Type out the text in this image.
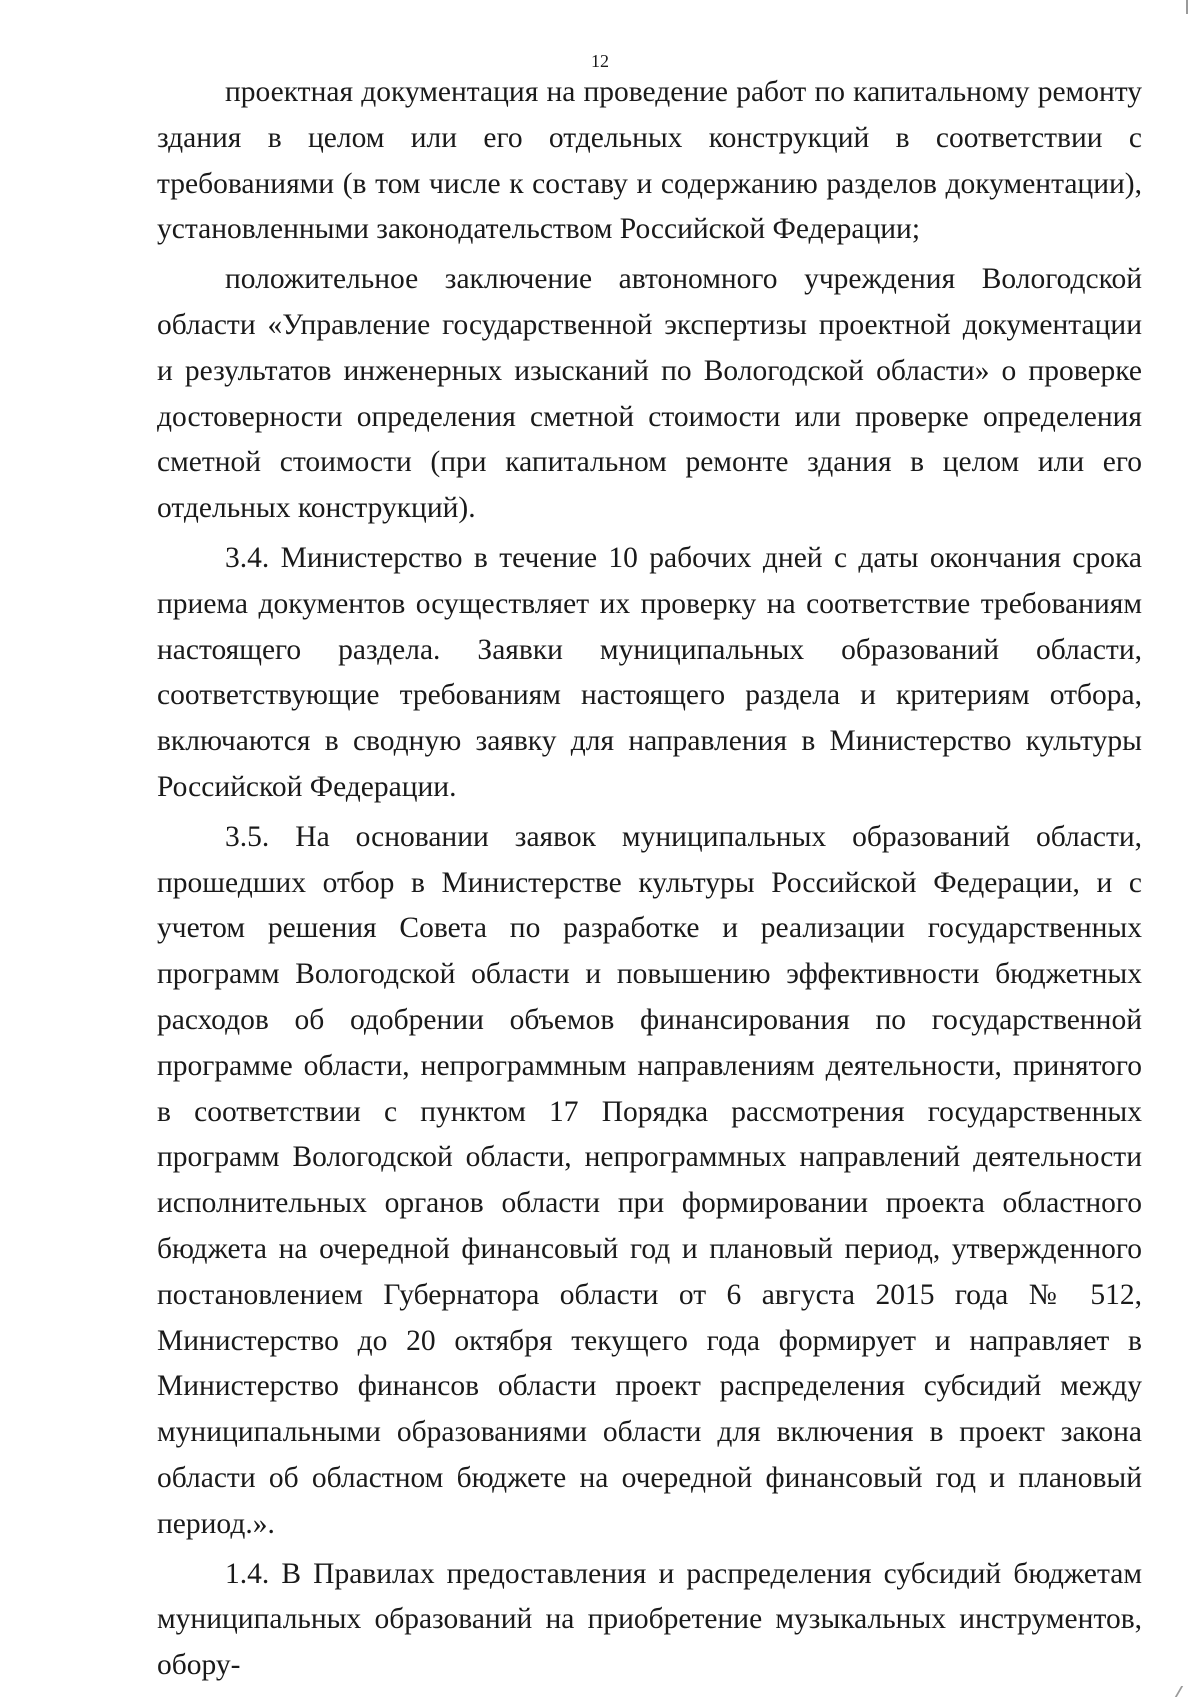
12

проектная документация на проведение работ по капитальному ремонту здания в целом или его отдельных конструкций в соответствии с требованиями (в том числе к составу и содержанию разделов документации), установленными законодательством Российской Федерации;

положительное заключение автономного учреждения Вологодской области «Управление государственной экспертизы проектной документации и результатов инженерных изысканий по Вологодской области» о проверке достоверности определения сметной стоимости или проверке определения сметной стоимости (при капитальном ремонте здания в целом или его отдельных конструкций).

3.4. Министерство в течение 10 рабочих дней с даты окончания срока приема документов осуществляет их проверку на соответствие требованиям настоящего раздела. Заявки муниципальных образований области, соответствующие требованиям настоящего раздела и критериям отбора, включаются в сводную заявку для направления в Министерство культуры Российской Федерации.

3.5. На основании заявок муниципальных образований области, прошедших отбор в Министерстве культуры Российской Федерации, и с учетом решения Совета по разработке и реализации государственных программ Вологодской области и повышению эффективности бюджетных расходов об одобрении объемов финансирования по государственной программе области, непрограммным направлениям деятельности, принятого в соответствии с пунктом 17 Порядка рассмотрения государственных программ Вологодской области, непрограммных направлений деятельности исполнительных органов области при формировании проекта областного бюджета на очередной финансовый год и плановый период, утвержденного постановлением Губернатора области от 6 августа 2015 года № 512, Министерство до 20 октября текущего года формирует и направляет в Министерство финансов области проект распределения субсидий между муниципальными образованиями области для включения в проект закона области об областном бюджете на очередной финансовый год и плановый период.».

1.4. В Правилах предоставления и распределения субсидий бюджетам муниципальных образований на приобретение музыкальных инструментов, обору-
